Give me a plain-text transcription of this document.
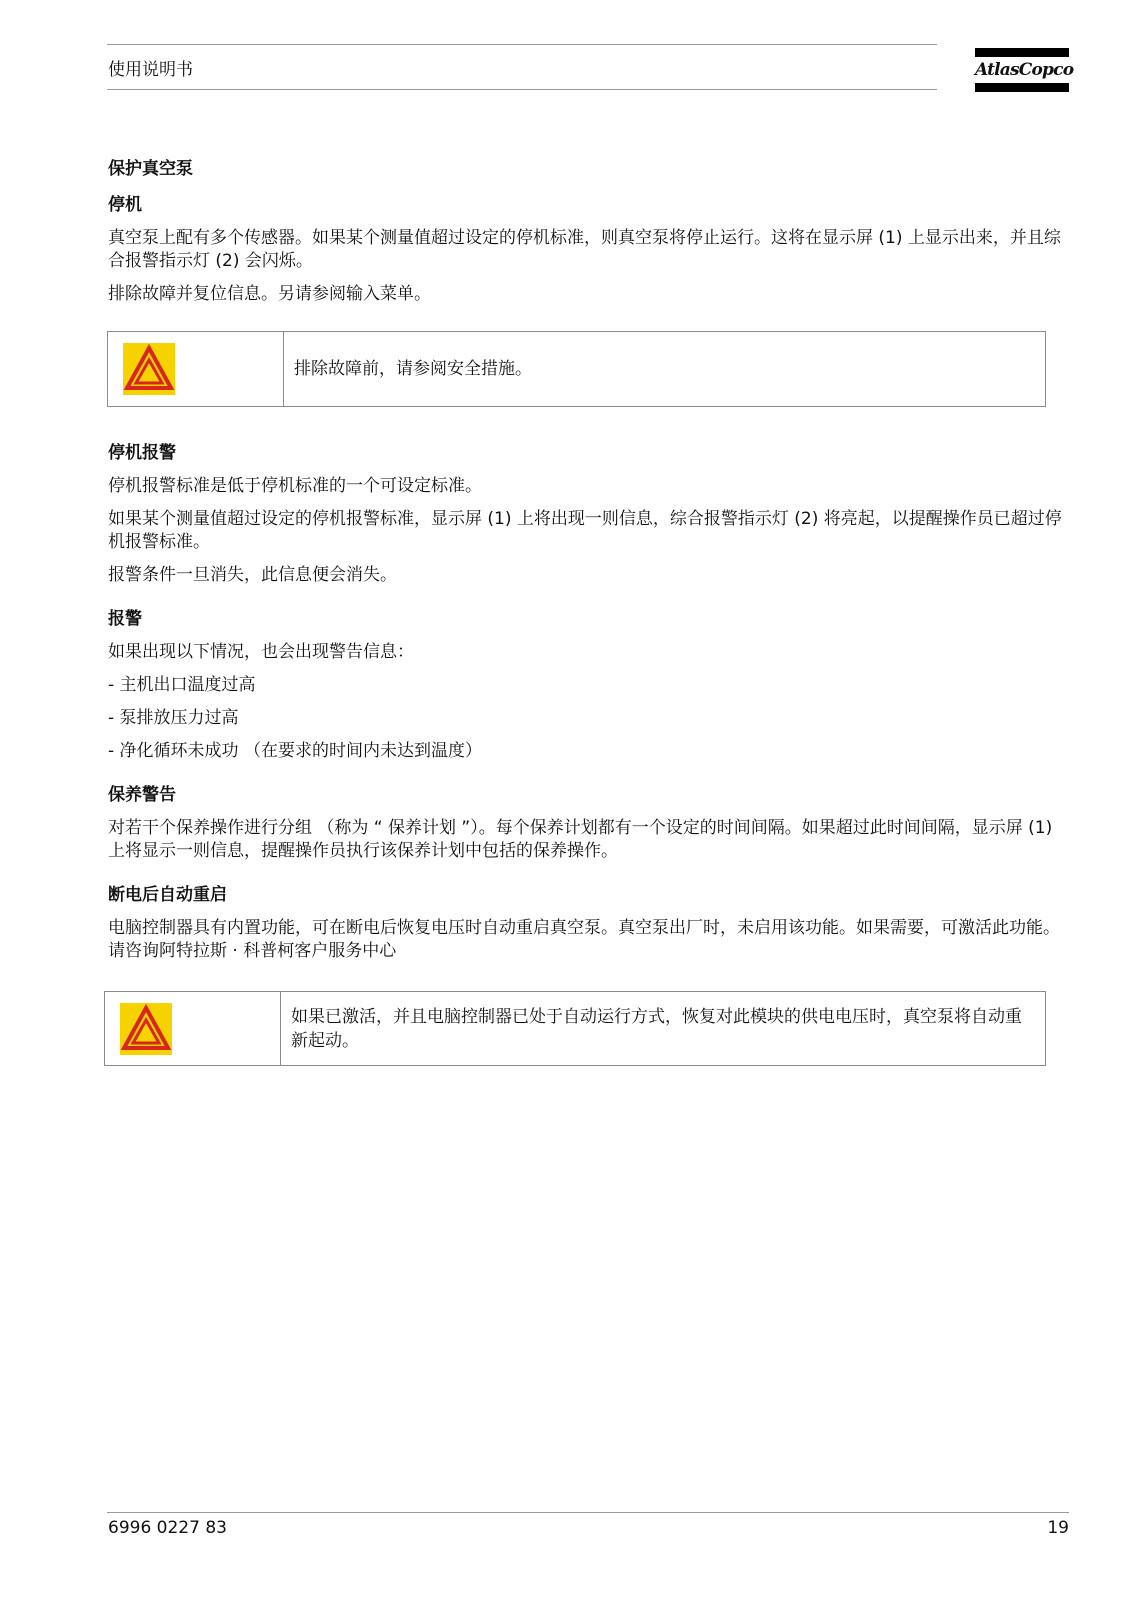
使用说明书	AtlasCopco

保护真空泵

停机

真空泵上配有多个传感器。如果某个测量值超过设定的停机标准，则真空泵将停止运行。这将在显示屏 (1) 上显示出来，并且综合报警指示灯 (2) 会闪烁。

排除故障并复位信息。另请参阅输入菜单。

排除故障前，请参阅安全措施。

停机报警

停机报警标准是低于停机标准的一个可设定标准。

如果某个测量值超过设定的停机报警标准，显示屏 (1) 上将出现一则信息，综合报警指示灯 (2) 将亮起，以提醒操作员已超过停机报警标准。

报警条件一旦消失，此信息便会消失。

报警

如果出现以下情况，也会出现警告信息：

- 主机出口温度过高

- 泵排放压力过高

- 净化循环未成功 （在要求的时间内未达到温度）

保养警告

对若干个保养操作进行分组 （称为 “ 保养计划 ”）。每个保养计划都有一个设定的时间间隔。如果超过此时间间隔，显示屏 (1) 上将显示一则信息，提醒操作员执行该保养计划中包括的保养操作。

断电后自动重启

电脑控制器具有内置功能，可在断电后恢复电压时自动重启真空泵。真空泵出厂时，未启用该功能。如果需要，可激活此功能。请咨询阿特拉斯 · 科普柯客户服务中心

如果已激活，并且电脑控制器已处于自动运行方式，恢复对此模块的供电电压时，真空泵将自动重新起动。
6996 0227 83	19
